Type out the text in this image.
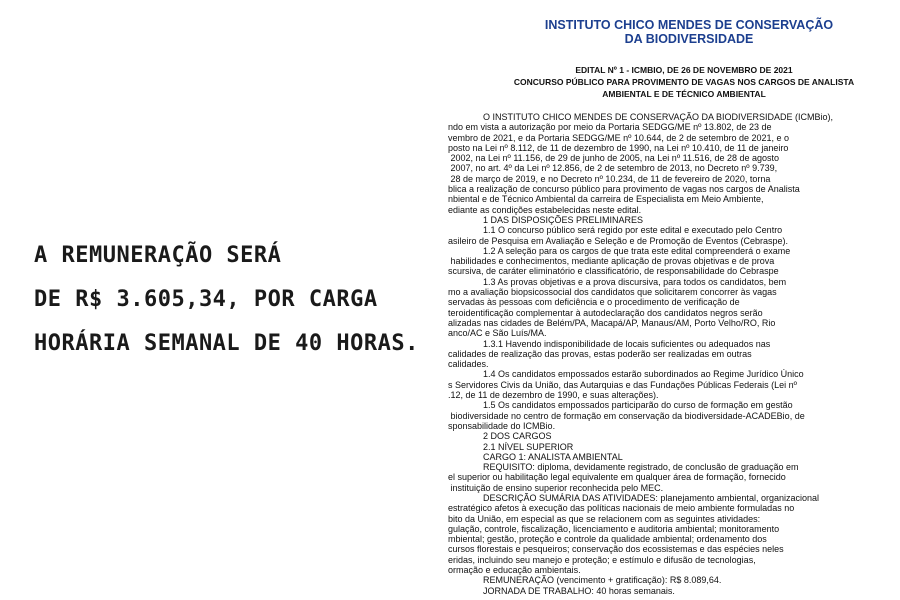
A REMUNERAÇÃO SERÁ
DE R$ 3.605,34, POR CARGA
HORÁRIA SEMANAL DE 40 HORAS.
INSTITUTO CHICO MENDES DE CONSERVAÇÃO
DA BIODIVERSIDADE
EDITAL Nº 1 - ICMBIO, DE 26 DE NOVEMBRO DE 2021
CONCURSO PÚBLICO PARA PROVIMENTO DE VAGAS NOS CARGOS DE ANALISTA
AMBIENTAL E DE TÉCNICO AMBIENTAL
O INSTITUTO CHICO MENDES DE CONSERVAÇÃO DA BIODIVERSIDADE (ICMBio),
ndo em vista a autorização por meio da Portaria SEDGG/ME nº 13.802, de 23 de
vembro de 2021, e da Portaria SEDGG/ME nº 10.644, de 2 de setembro de 2021, e o
posto na Lei nº 8.112, de 11 de dezembro de 1990, na Lei nº 10.410, de 11 de janeiro
2002, na Lei nº 11.156, de 29 de junho de 2005, na Lei nº 11.516, de 28 de agosto
2007, no art. 4º da Lei nº 12.856, de 2 de setembro de 2013, no Decreto nº 9.739,
28 de março de 2019, e no Decreto nº 10.234, de 11 de fevereiro de 2020, torna
blica a realização de concurso público para provimento de vagas nos cargos de Analista
nbiental e de Técnico Ambiental da carreira de Especialista em Meio Ambiente,
ediante as condições estabelecidas neste edital.
1 DAS DISPOSIÇÕES PRELIMINARES
1.1 O concurso público será regido por este edital e executado pelo Centro
asileiro de Pesquisa em Avaliação e Seleção e de Promoção de Eventos (Cebraspe).
1.2 A seleção para os cargos de que trata este edital compreenderá o exame
habilidades e conhecimentos, mediante aplicação de provas objetivas e de prova
scursiva, de caráter eliminatório e classificatório, de responsabilidade do Cebraspe
1.3 As provas objetivas e a prova discursiva, para todos os candidatos, bem
mo a avaliação biopsicossocial dos candidatos que solicitarem concorrer às vagas
servadas às pessoas com deficiência e o procedimento de verificação de
teroidentificação complementar à autodeclaração dos candidatos negros serão
alizadas nas cidades de Belém/PA, Macapá/AP, Manaus/AM, Porto Velho/RO, Rio
anco/AC e São Luís/MA.
1.3.1 Havendo indisponibilidade de locais suficientes ou adequados nas
calidades de realização das provas, estas poderão ser realizadas em outras
calidades.
1.4 Os candidatos empossados estarão subordinados ao Regime Jurídico Único
s Servidores Civis da União, das Autarquias e das Fundações Públicas Federais (Lei nº
.12, de 11 de dezembro de 1990, e suas alterações).
1.5 Os candidatos empossados participarão do curso de formação em gestão
biodiversidade no centro de formação em conservação da biodiversidade-ACADEBio, de
sponsabilidade do ICMBio.
2 DOS CARGOS
2.1 NÍVEL SUPERIOR
CARGO 1: ANALISTA AMBIENTAL
REQUISITO: diploma, devidamente registrado, de conclusão de graduação em
el superior ou habilitação legal equivalente em qualquer área de formação, fornecido
instituição de ensino superior reconhecida pelo MEC.
DESCRIÇÃO SUMÁRIA DAS ATIVIDADES: planejamento ambiental, organizacional
estratégico afetos à execução das políticas nacionais de meio ambiente formuladas no
bito da União, em especial as que se relacionem com as seguintes atividades:
gulação, controle, fiscalização, licenciamento e auditoria ambiental; monitoramento
mbiental; gestão, proteção e controle da qualidade ambiental; ordenamento dos
cursos florestais e pesqueiros; conservação dos ecossistemas e das espécies neles
eridas, incluindo seu manejo e proteção; e estímulo e difusão de tecnologias,
ormação e educação ambientais.
REMUNERAÇÃO (vencimento + gratificação): R$ 8.089,64.
JORNADA DE TRABALHO: 40 horas semanais.
